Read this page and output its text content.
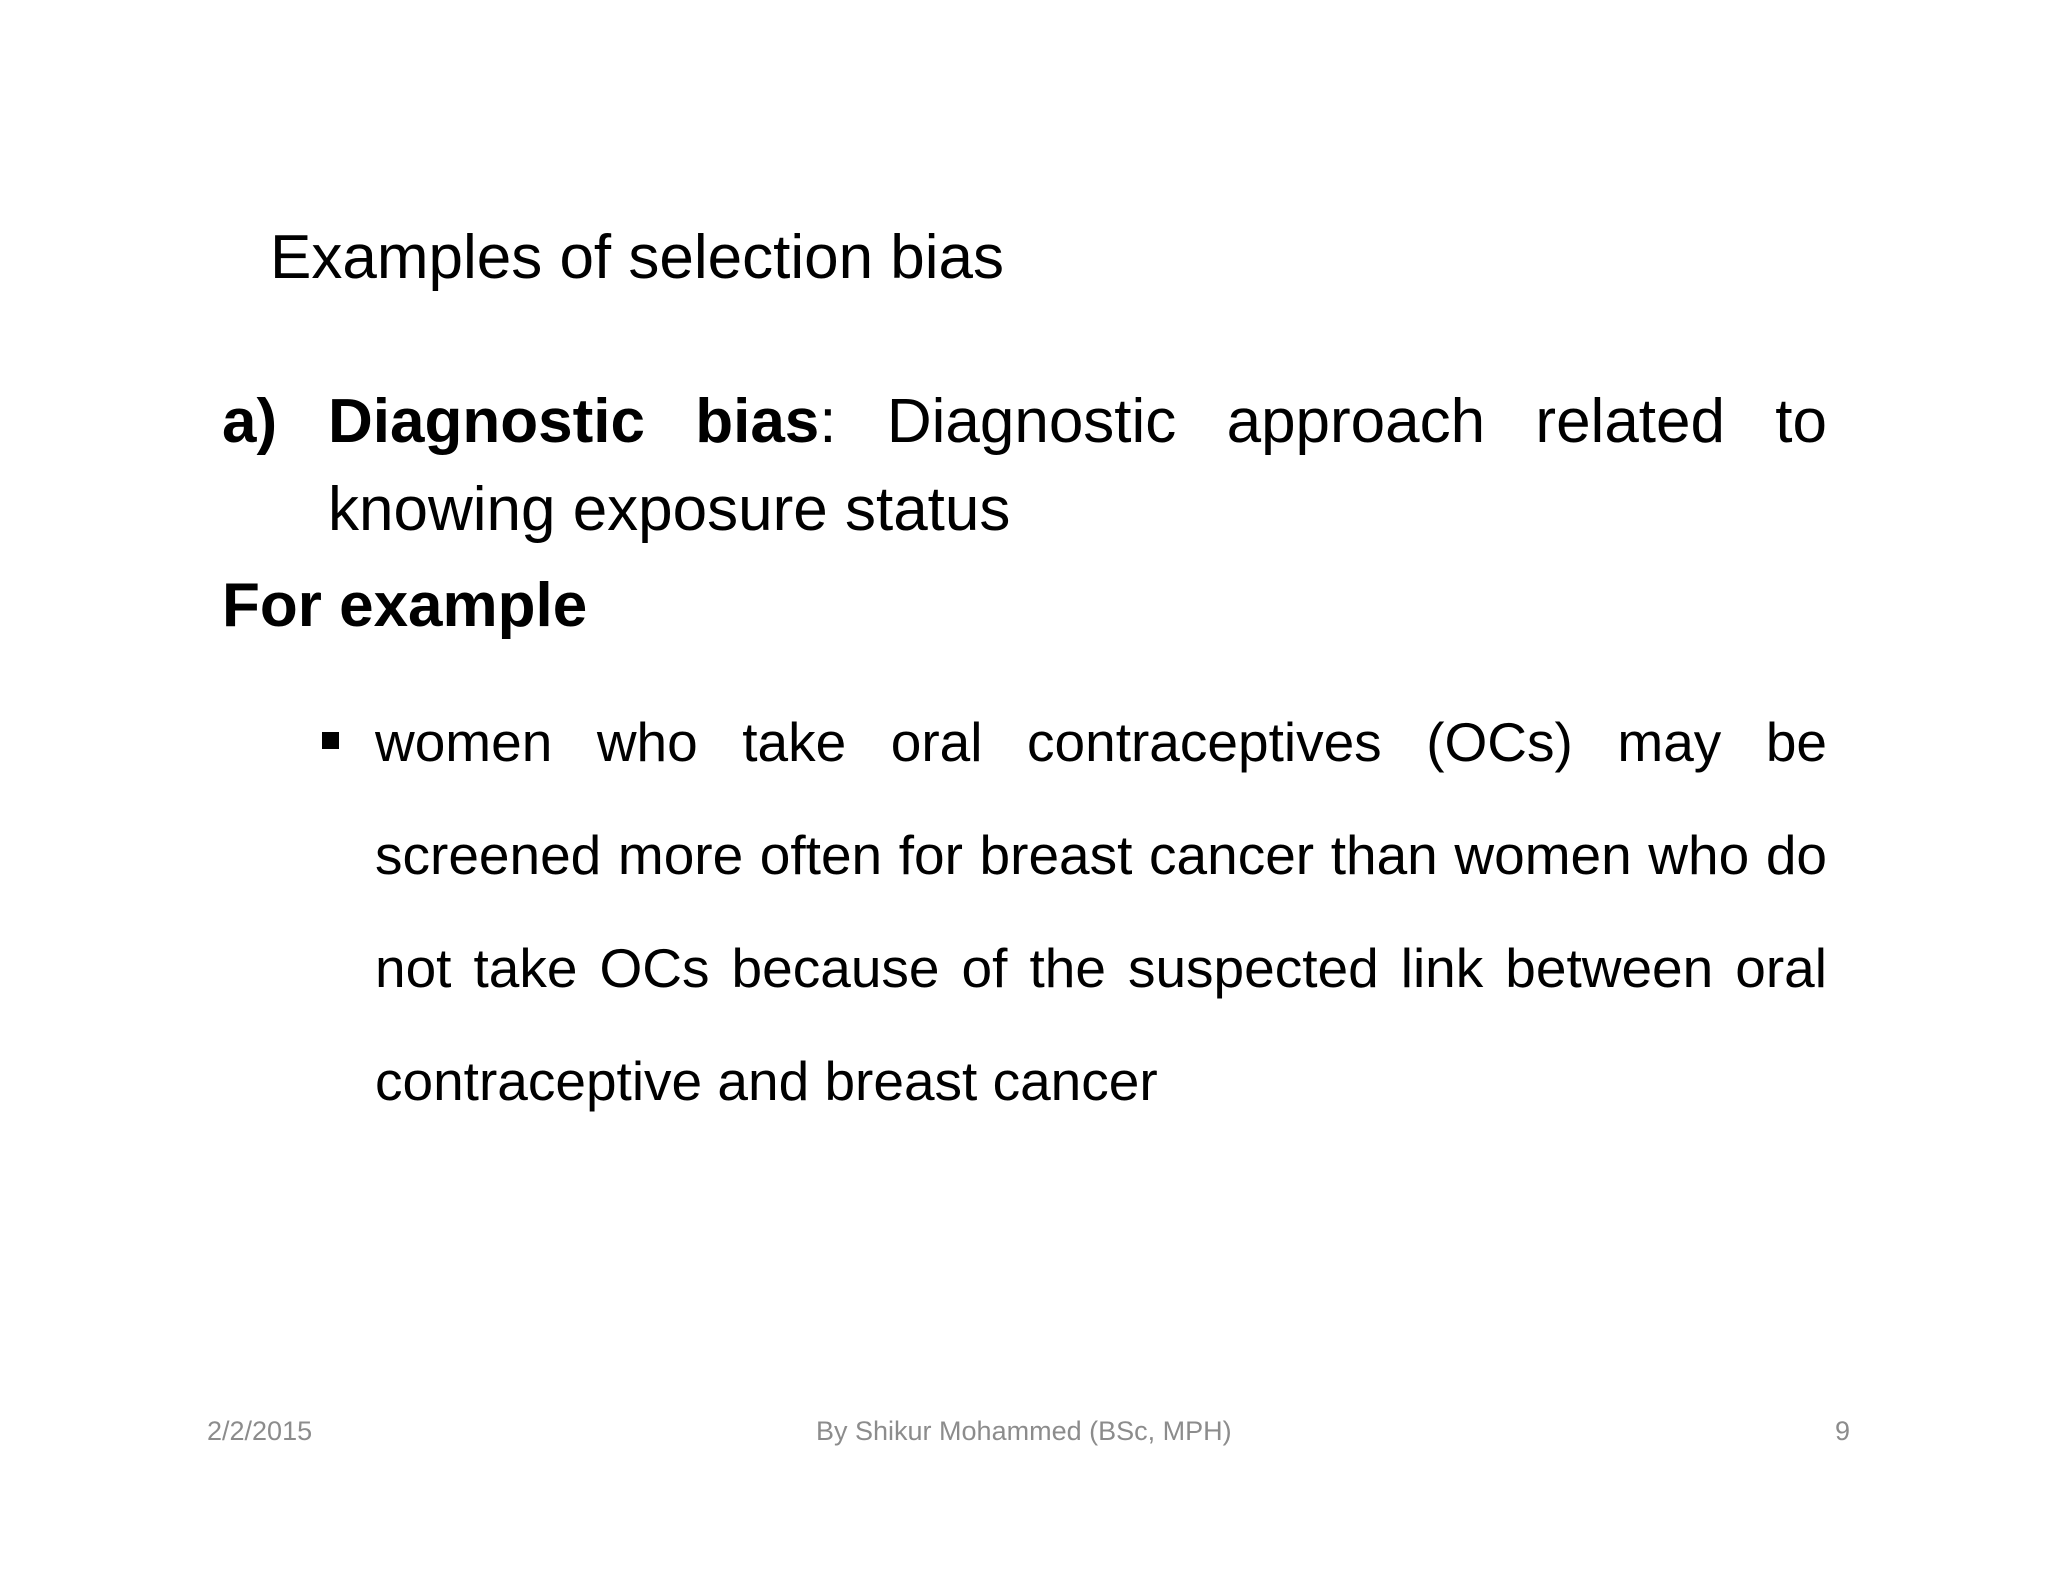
Examples of selection bias
a) Diagnostic bias: Diagnostic approach related to knowing exposure status
For example
women who take oral contraceptives (OCs) may be screened more often for breast cancer than women who do not take OCs because of the suspected link between oral contraceptive and breast cancer
2/2/2015	By Shikur Mohammed (BSc, MPH)	9
